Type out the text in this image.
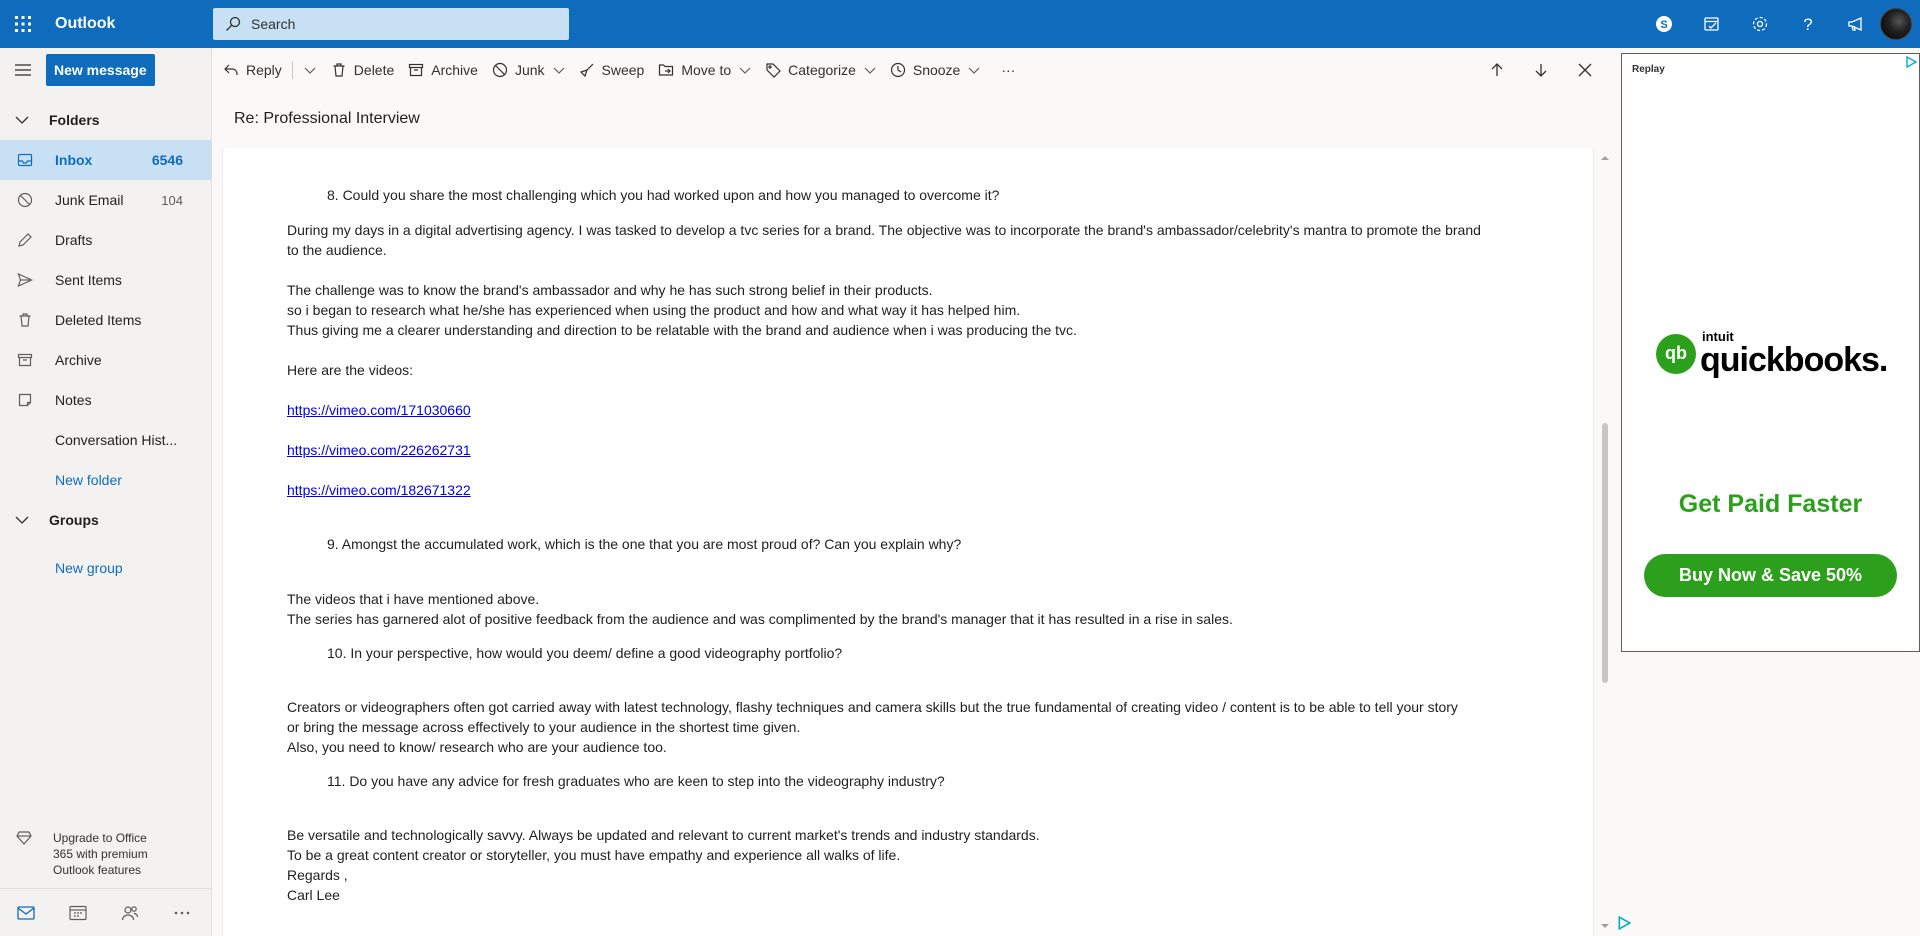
Outlook	Search	S	?
New message
Folders
Inbox	6546
Junk Email	104
Drafts
Sent Items
Deleted Items
Archive
Notes
Conversation Hist...
New folder
Groups
New group
Upgrade to Office
365 with premium
Outlook features
Reply	Delete	Archive	Junk	Sweep	Move to	Categorize	Snooze	···
Re: Professional Interview

8. Could you share the most challenging which you had worked upon and how you managed to overcome it?

During my days in a digital advertising agency. I was tasked to develop a tvc series for a brand. The objective was to incorporate the brand's ambassador/celebrity's mantra to promote the brand

to the audience.

The challenge was to know the brand's ambassador and why he has such strong belief in their products.

so i began to research what he/she has experienced when using the product and how and what way it has helped him.

Thus giving me a clearer understanding and direction to be relatable with the brand and audience when i was producing the tvc.

Here are the videos:

https://vimeo.com/171030660

https://vimeo.com/226262731

https://vimeo.com/182671322

9. Amongst the accumulated work, which is the one that you are most proud of? Can you explain why?

The videos that i have mentioned above.

The series has garnered alot of positive feedback from the audience and was complimented by the brand's manager that it has resulted in a rise in sales.

10. In your perspective, how would you deem/ define a good videography portfolio?

Creators or videographers often got carried away with latest technology, flashy techniques and camera skills but the true fundamental of creating video / content is to be able to tell your story

or bring the message across effectively to your audience in the shortest time given.

Also, you need to know/ research who are your audience too.

11. Do you have any advice for fresh graduates who are keen to step into the videography industry?

Be versatile and technologically savvy. Always be updated and relevant to current market's trends and industry standards.

To be a great content creator or storyteller, you must have empathy and experience all walks of life.

Regards ,

Carl Lee

Replay
qb
intuit
quickbooks.
Get Paid Faster
Buy Now & Save 50%
